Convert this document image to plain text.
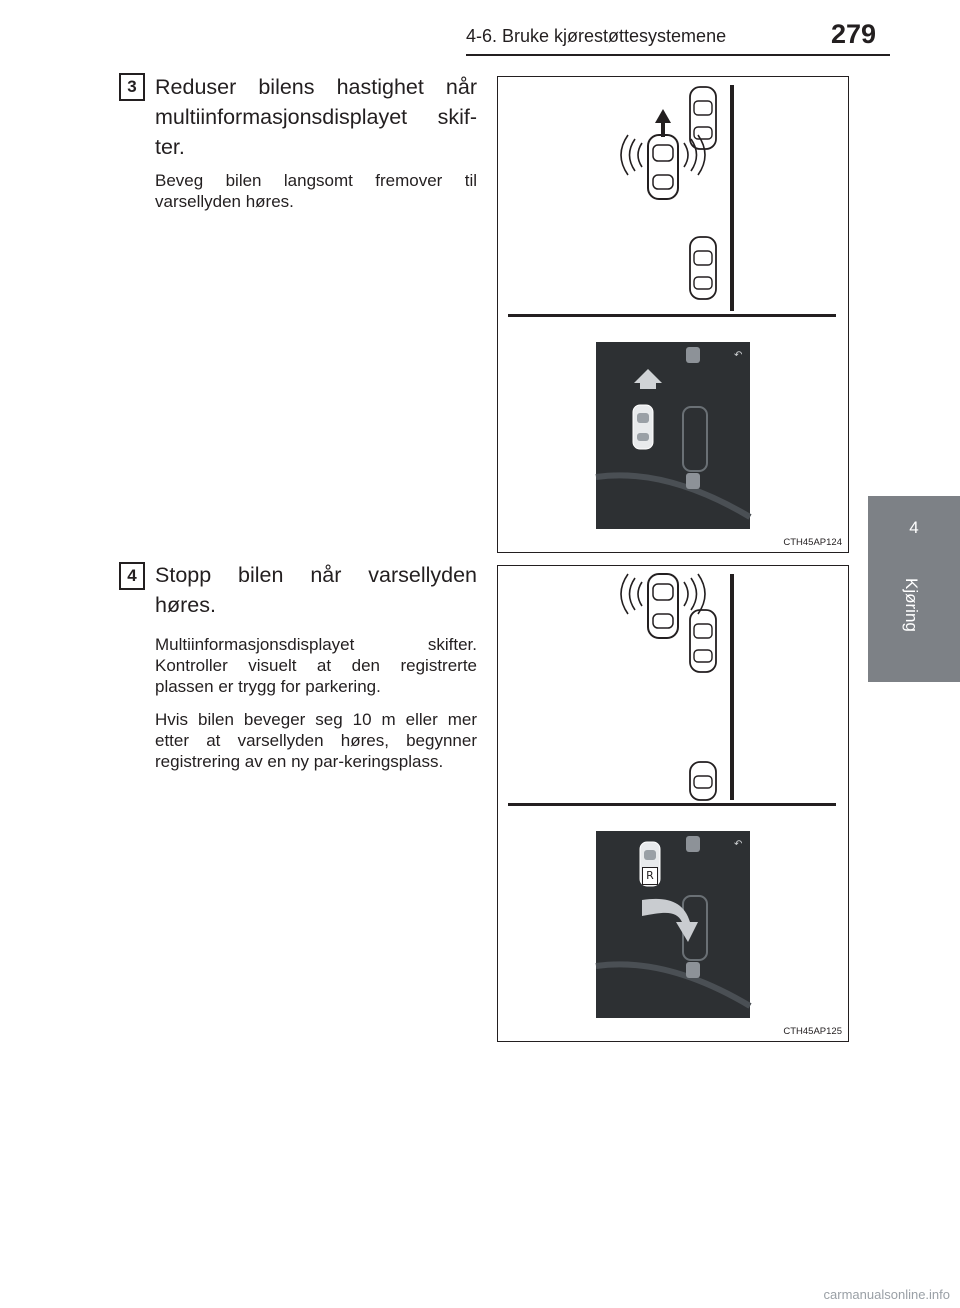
4-6. Bruke kjørestøttesystemene	279
4
Kjøring
3 Reduser bilens hastighet når multiinformasjonsdisplayet skif-ter.

Beveg bilen langsomt fremover til varsellyden høres.

↶
CTH45AP124
4 Stopp bilen når varsellyden høres.

Multiinformasjonsdisplayet skifter. Kontroller visuelt at den registrerte plassen er trygg for parkering.

Hvis bilen beveger seg 10 m eller mer etter at varsellyden høres, begynner registrering av en ny par-keringsplass.

↶
R
CTH45AP125
carmanualsonline.info
